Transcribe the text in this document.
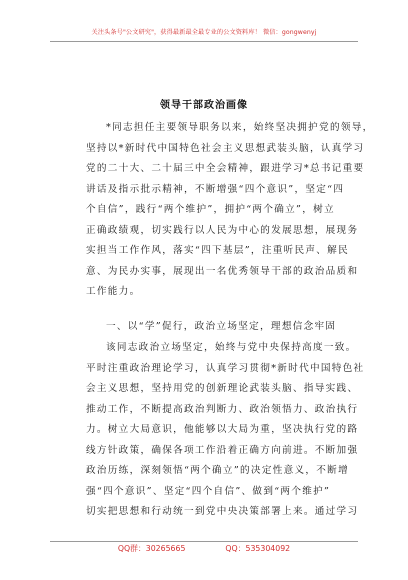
关注头条号"公文研究"，获得最新最全最专业的公文资料库！ 微信：gongwenyj
领导干部政治画像
*同志担任主要领导职务以来，始终坚决拥护党的领导，
坚持以*新时代中国特色社会主义思想武装头脑，认真学习
党的二十大、二十届三中全会精神，跟进学习*总书记重要
讲话及指示批示精神，不断增强“四个意识”，坚定“四
个自信”，践行“两个维护”，拥护“两个确立”，树立
正确政绩观，切实践行以人民为中心的发展思想，展现务
实担当工作作风，落实“四下基层”，注重听民声、解民
意、为民办实事，展现出一名优秀领导干部的政治品质和
工作能力。
一、以“学”促行，政治立场坚定，理想信念牢固
该同志政治立场坚定，始终与党中央保持高度一致。
平时注重政治理论学习，认真学习贯彻*新时代中国特色社
会主义思想，坚持用党的创新理论武装头脑、指导实践、
推动工作，不断提高政治判断力、政治领悟力、政治执行
力。树立大局意识，他能够以大局为重，坚决执行党的路
线方针政策，确保各项工作沿着正确方向前进。不断加强
政治历练，深刻领悟“两个确立”的决定性意义，不断增
强“四个意识”、坚定“四个自信”、做到“两个维护”
切实把思想和行动统一到党中央决策部署上来。通过学习
QQ群：30265665	QQ：535304092
